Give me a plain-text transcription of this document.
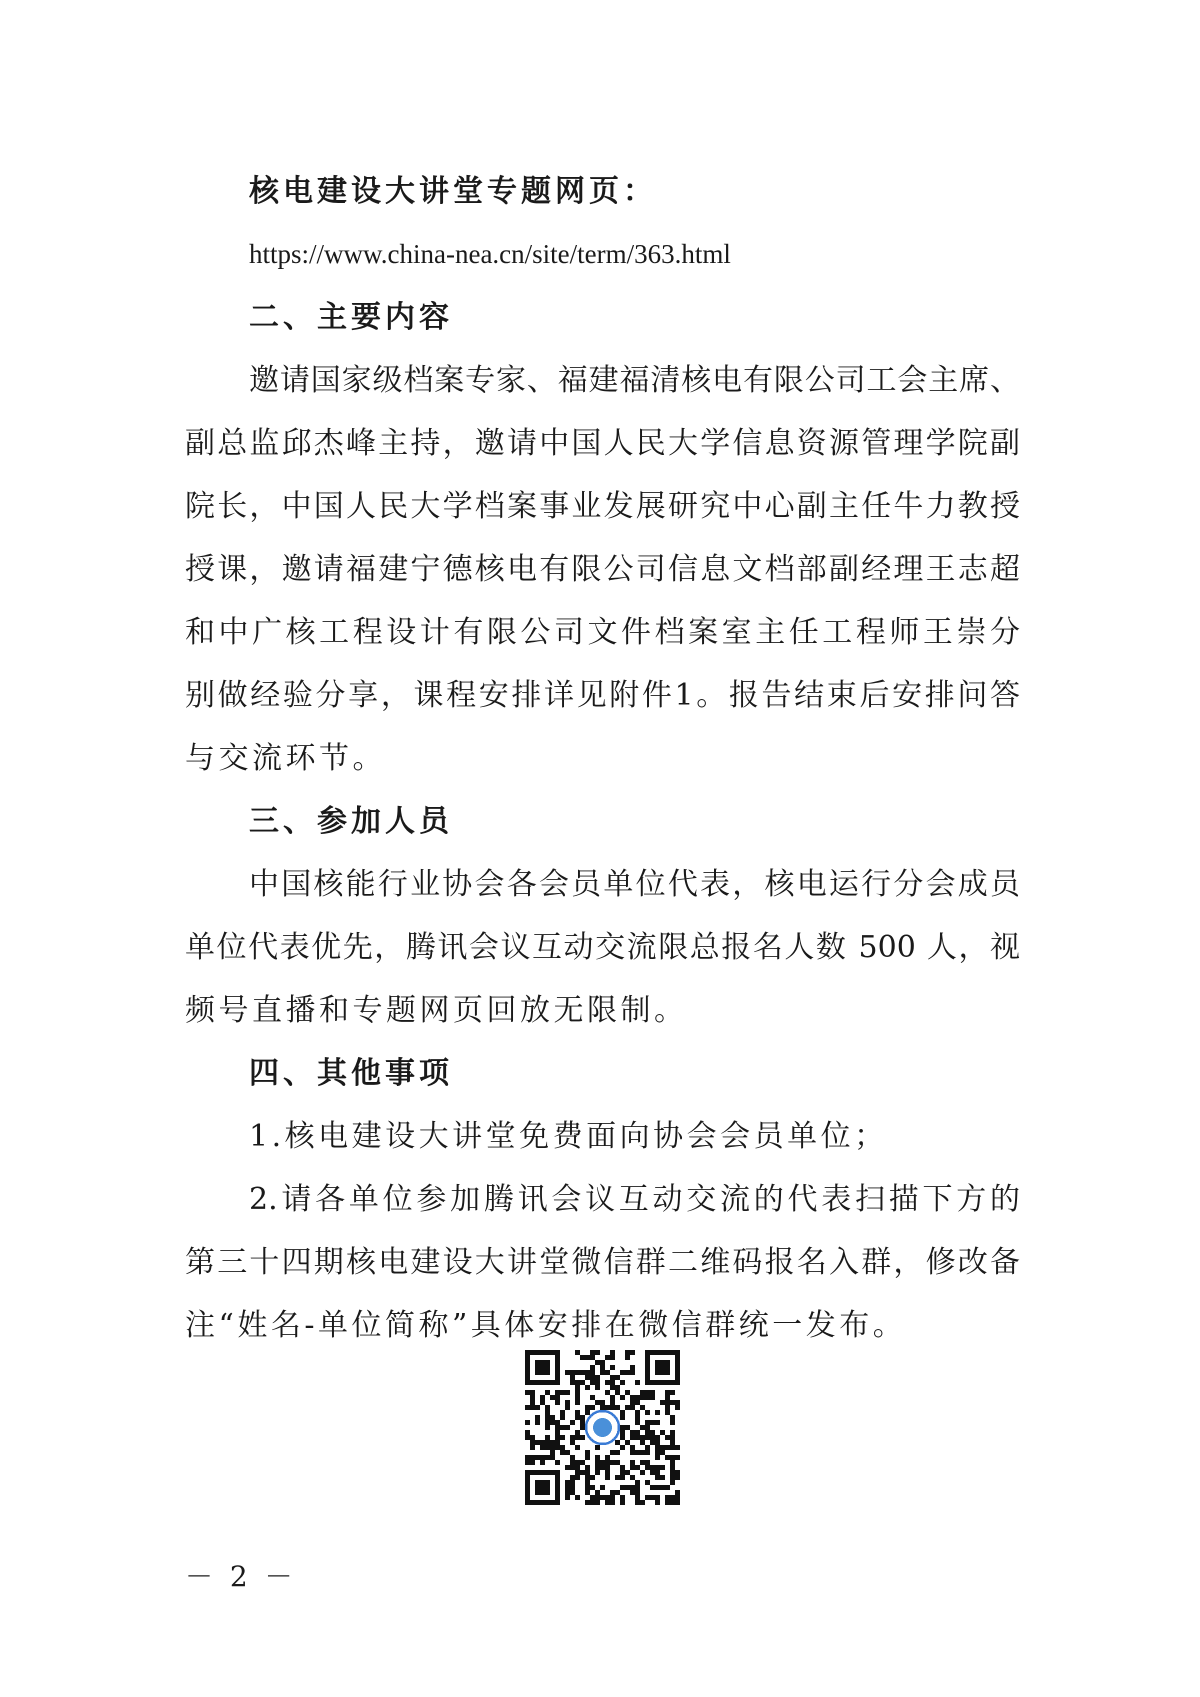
核电建设大讲堂专题网页：
https://www.china-nea.cn/site/term/363.html
二、主要内容
邀请国家级档案专家、福建福清核电有限公司工会主席、
副总监邱杰峰主持，邀请中国人民大学信息资源管理学院副
院长，中国人民大学档案事业发展研究中心副主任牛力教授
授课，邀请福建宁德核电有限公司信息文档部副经理王志超
和中广核工程设计有限公司文件档案室主任工程师王崇分
别做经验分享，课程安排详见附件1。报告结束后安排问答
与交流环节。
三、参加人员
中国核能行业协会各会员单位代表，核电运行分会成员
单位代表优先，腾讯会议互动交流限总报名人数 500 人，视
频号直播和专题网页回放无限制。
四、其他事项
1.核电建设大讲堂免费面向协会会员单位；
2.请各单位参加腾讯会议互动交流的代表扫描下方的
第三十四期核电建设大讲堂微信群二维码报名入群，修改备
注“姓名-单位简称”具体安排在微信群统一发布。
－ 2 －
